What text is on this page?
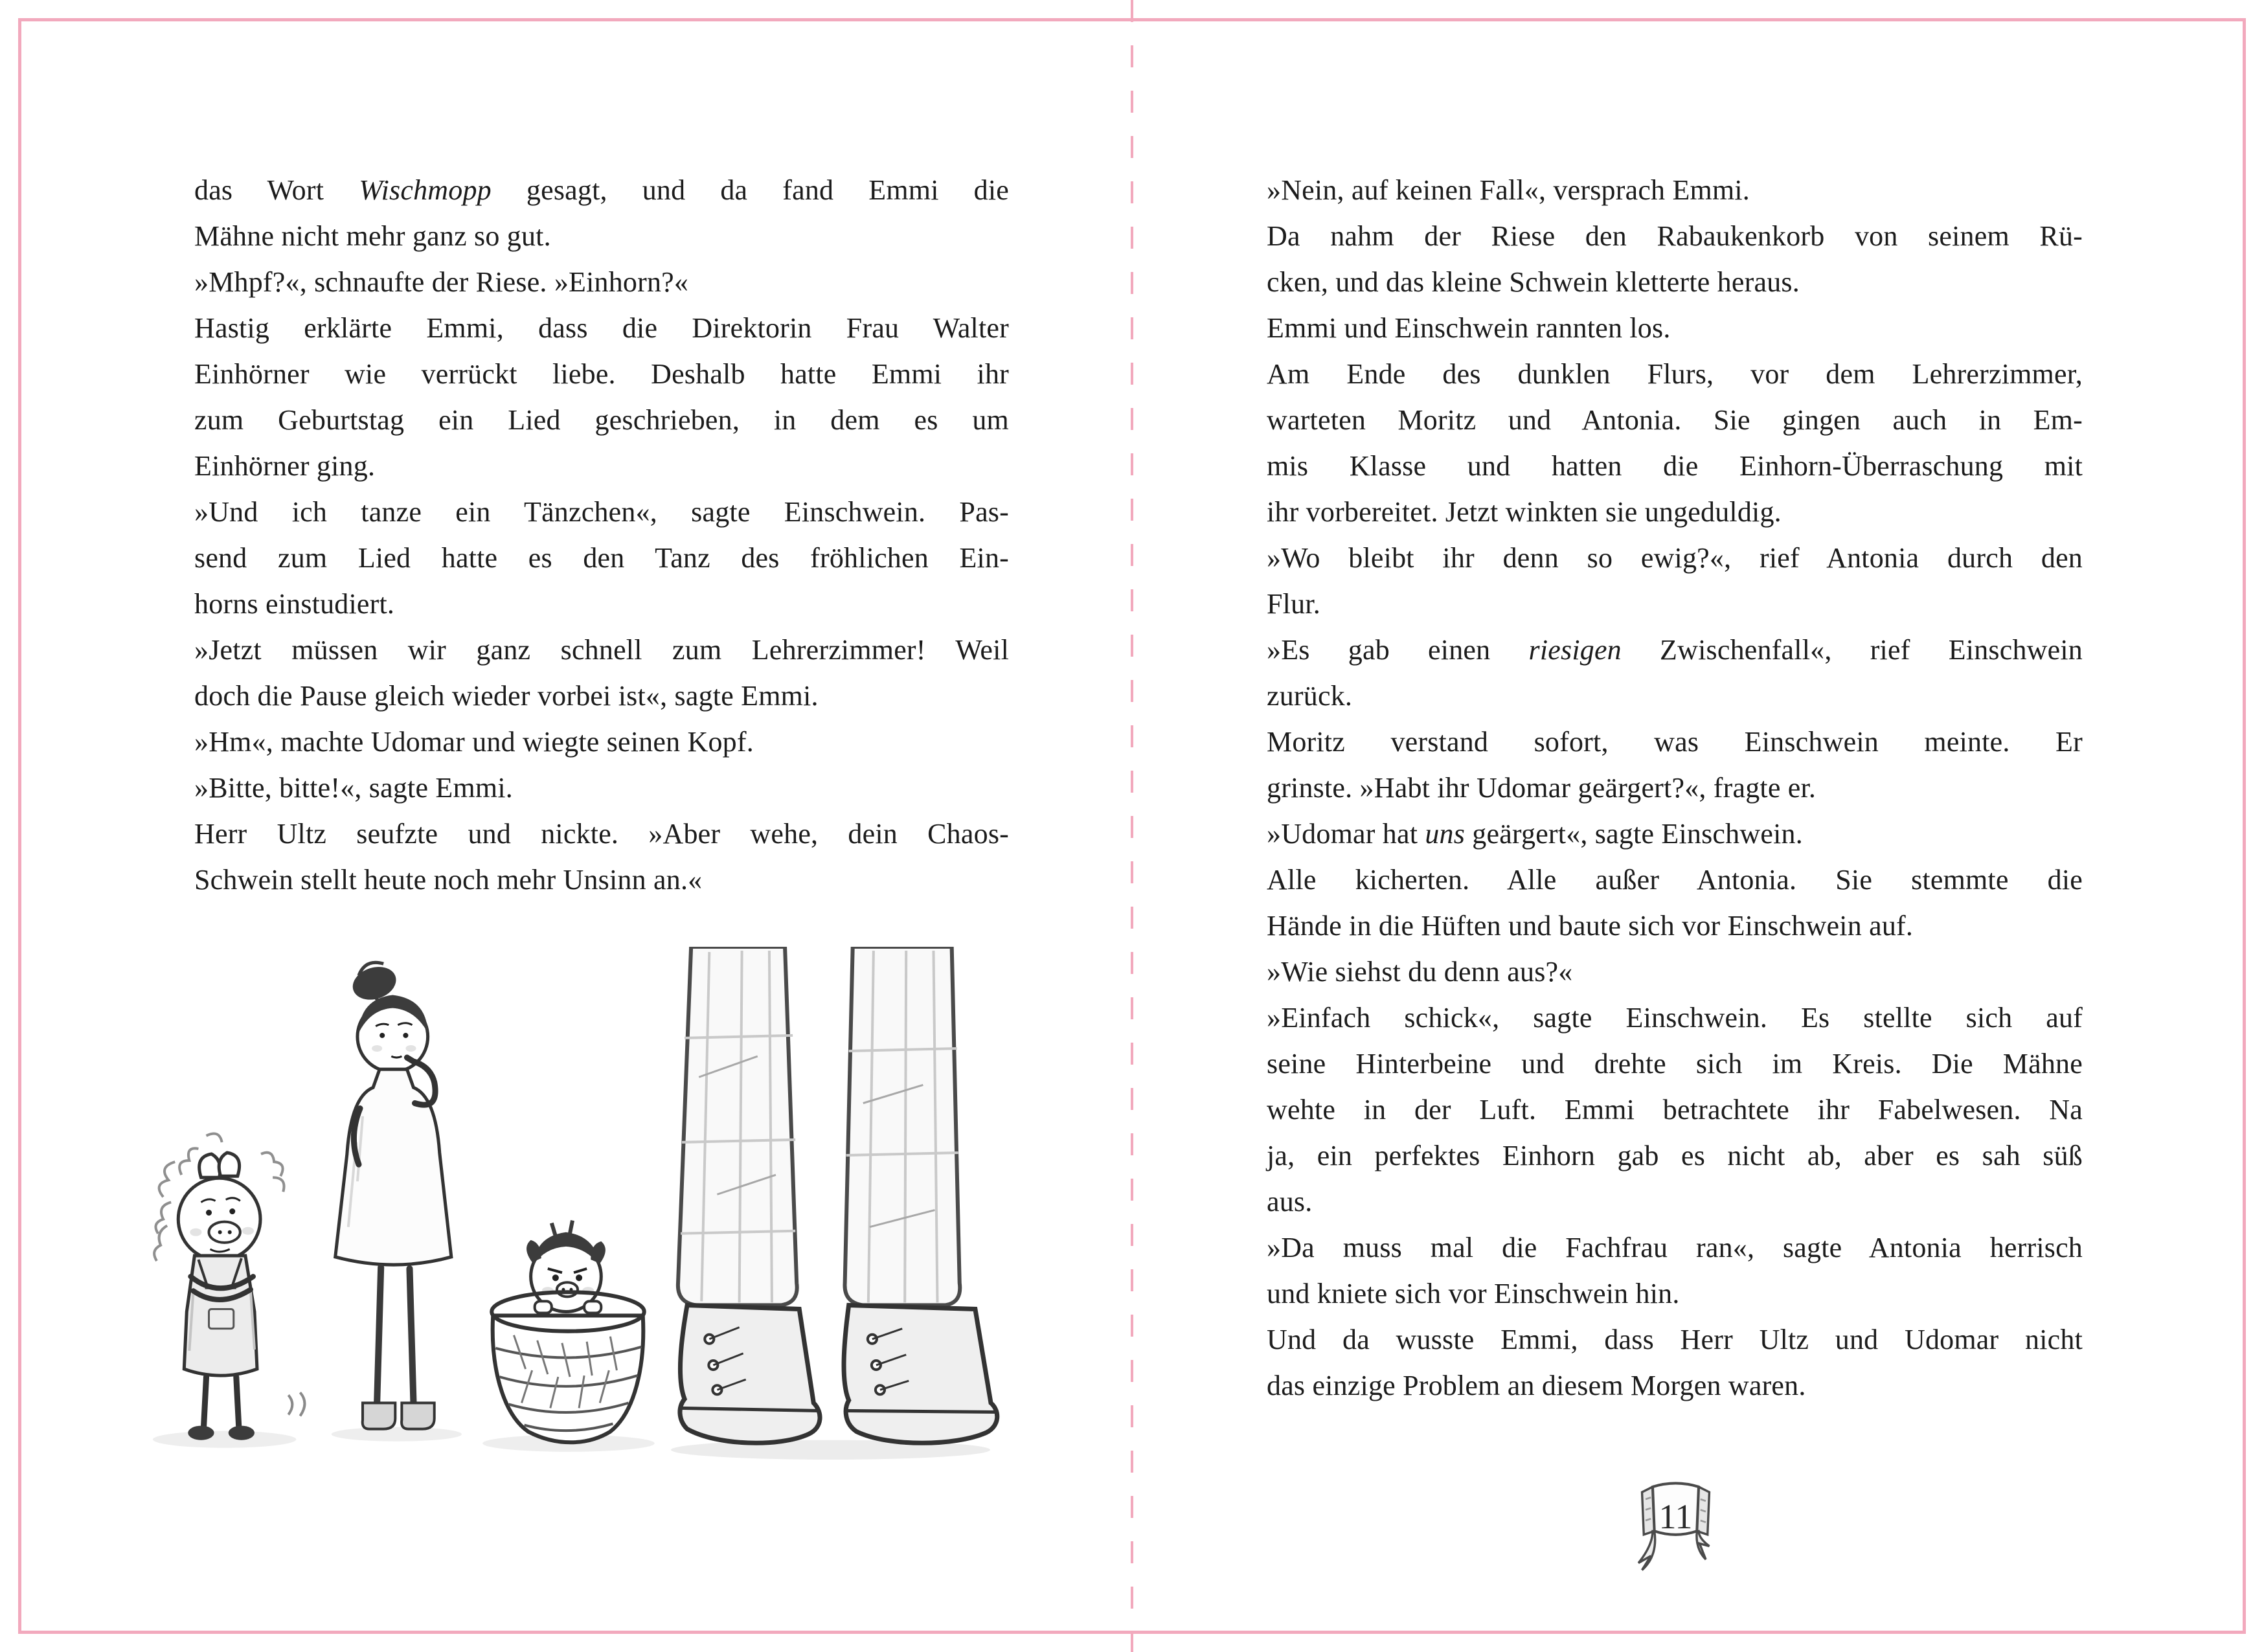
das Wort Wischmopp gesagt, und da fand Emmi die
Mähne nicht mehr ganz so gut.
»Mhpf?«, schnaufte der Riese. »Einhorn?«
Hastig erklärte Emmi, dass die Direktorin Frau Walter
Einhörner wie verrückt liebe. Deshalb hatte Emmi ihr
zum Geburtstag ein Lied geschrieben, in dem es um
Einhörner ging.
»Und ich tanze ein Tänzchen«, sagte Einschwein. Pas-
send zum Lied hatte es den Tanz des fröhlichen Ein-
horns einstudiert.
»Jetzt müssen wir ganz schnell zum Lehrerzimmer! Weil
doch die Pause gleich wieder vorbei ist«, sagte Emmi.
»Hm«, machte Udomar und wiegte seinen Kopf.
»Bitte, bitte!«, sagte Emmi.
Herr Ultz seufzte und nickte. »Aber wehe, dein Chaos-
Schwein stellt heute noch mehr Unsinn an.«
»Nein, auf keinen Fall«, versprach Emmi.
Da nahm der Riese den Rabaukenkorb von seinem Rü-
cken, und das kleine Schwein kletterte heraus.
Emmi und Einschwein rannten los.
Am Ende des dunklen Flurs, vor dem Lehrerzimmer,
warteten Moritz und Antonia. Sie gingen auch in Em-
mis Klasse und hatten die Einhorn-Überraschung mit
ihr vorbereitet. Jetzt winkten sie ungeduldig.
»Wo bleibt ihr denn so ewig?«, rief Antonia durch den
Flur.
»Es gab einen riesigen Zwischenfall«, rief Einschwein
zurück.
Moritz verstand sofort, was Einschwein meinte. Er
grinste. »Habt ihr Udomar geärgert?«, fragte er.
»Udomar hat uns geärgert«, sagte Einschwein.
Alle kicherten. Alle außer Antonia. Sie stemmte die
Hände in die Hüften und baute sich vor Einschwein auf.
»Wie siehst du denn aus?«
»Einfach schick«, sagte Einschwein. Es stellte sich auf
seine Hinterbeine und drehte sich im Kreis. Die Mähne
wehte in der Luft. Emmi betrachtete ihr Fabelwesen. Na
ja, ein perfektes Einhorn gab es nicht ab, aber es sah süß
aus.
»Da muss mal die Fachfrau ran«, sagte Antonia herrisch
und kniete sich vor Einschwein hin.
Und da wusste Emmi, dass Herr Ultz und Udomar nicht
das einzige Problem an diesem Morgen waren.
11
